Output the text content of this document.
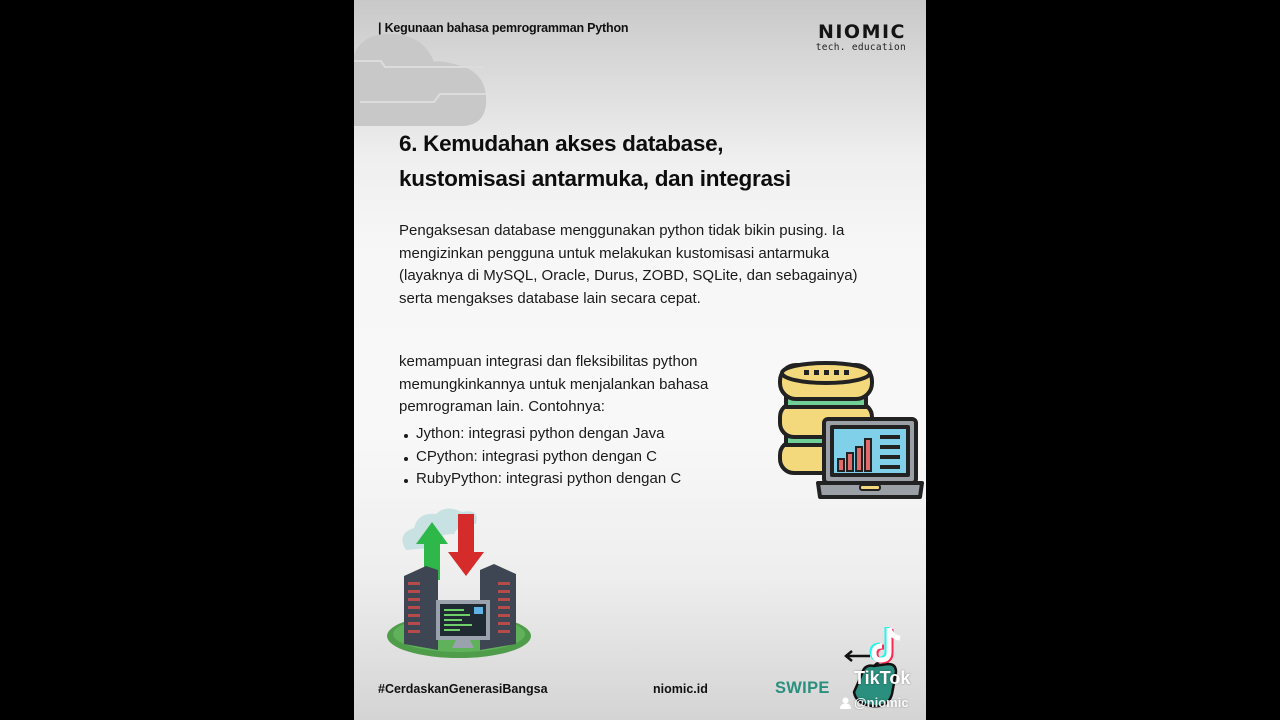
| Kegunaan bahasa pemrogramman Python	NIOMIC
tech. education
6. Kemudahan akses database,
kustomisasi antarmuka, dan integrasi

Pengaksesan database menggunakan python tidak bikin pusing. Ia mengizinkan pengguna untuk melakukan kustomisasi antarmuka (layaknya di MySQL, Oracle, Durus, ZOBD, SQLite, dan sebagainya) serta mengakses database lain secara cepat.

kemampuan integrasi dan fleksibilitas python memungkinkannya untuk menjalankan bahasa pemrograman lain. Contohnya:

Jython: integrasi python dengan Java
CPython: integrasi python dengan C
RubyPython: integrasi python dengan C
#CerdaskanGenerasiBangsa	niomic.id	SWIPE TikTok
@niomic
